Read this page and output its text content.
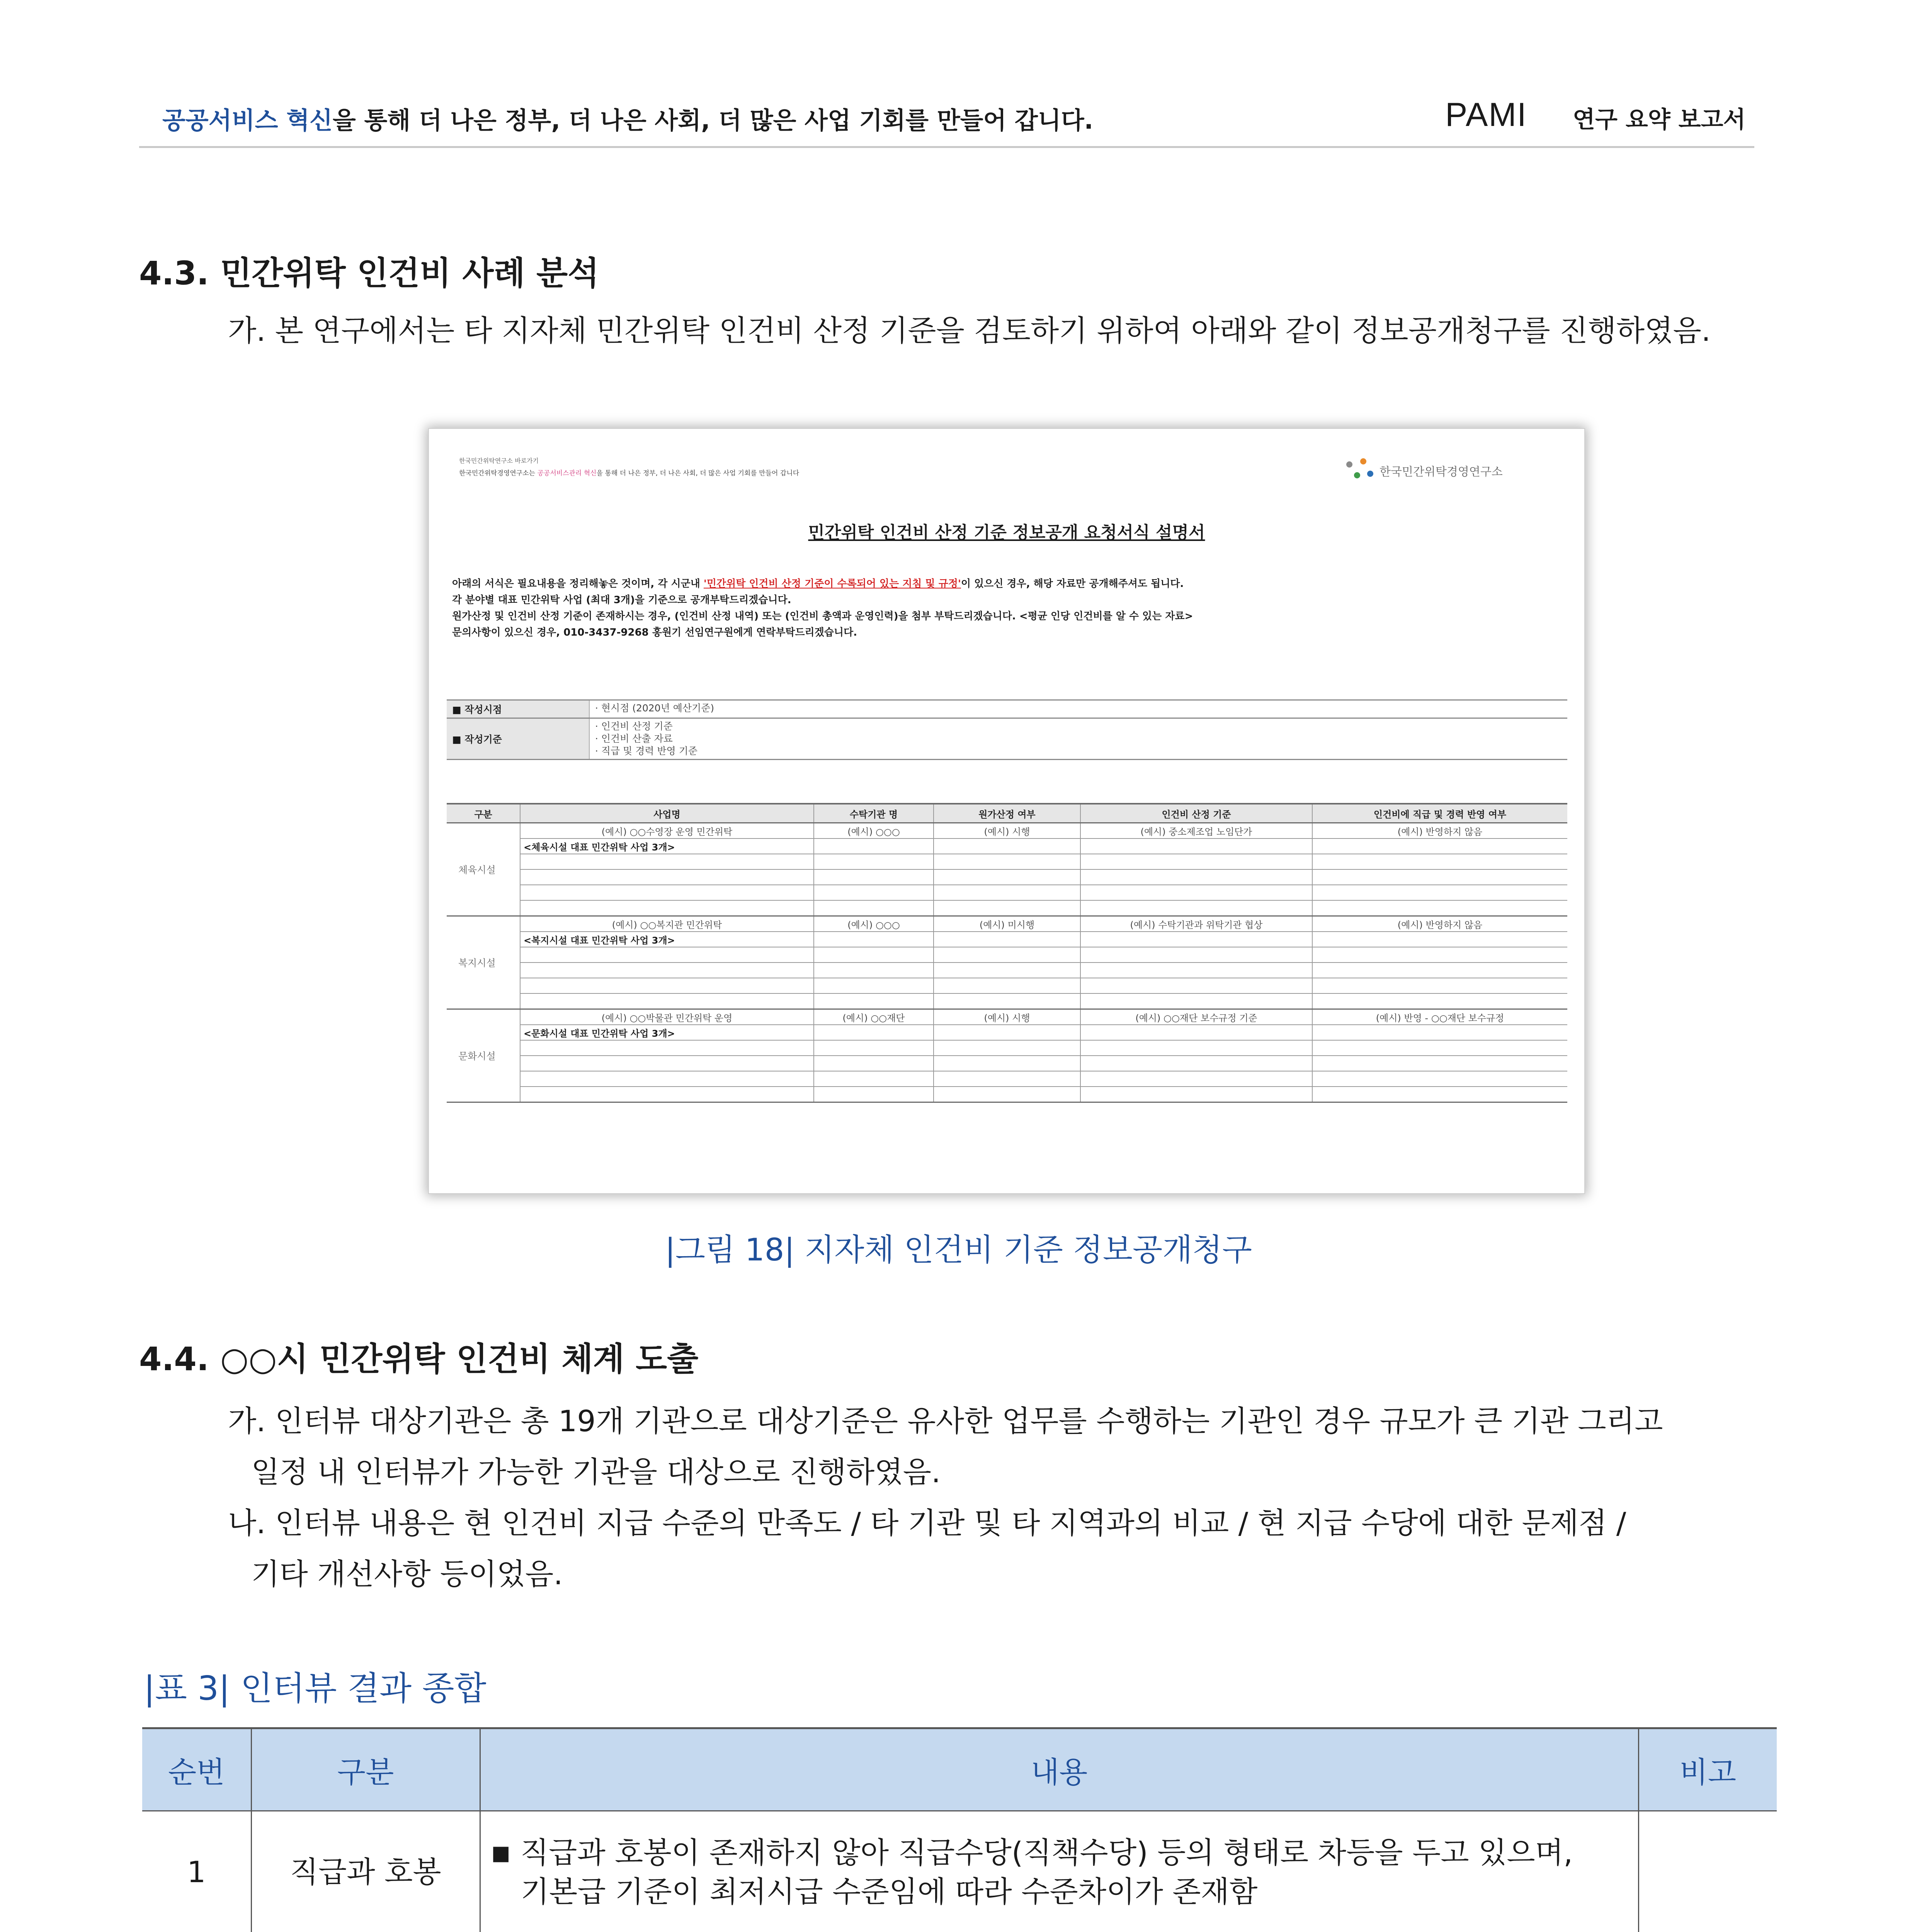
공공서비스 혁신을 통해 더 나은 정부, 더 나은 사회, 더 많은 사업 기회를 만들어 갑니다.	PAMI 연구 요약 보고서
4.3. 민간위탁 인건비 사례 분석
가. 본 연구에서는 타 지자체 민간위탁 인건비 산정 기준을 검토하기 위하여 아래와 같이 정보공개청구를 진행하였음.
한국민간위탁연구소 바로가기
한국민간위탁경영연구소는 공공서비스관리 혁신을 통해 더 나은 정부, 더 나은 사회, 더 많은 사업 기회를 만들어 갑니다	한국민간위탁경영연구소
민간위탁 인건비 산정 기준 정보공개 요청서식 설명서
아래의 서식은 필요내용을 정리해놓은 것이며, 각 시군내 '민간위탁 인건비 산정 기준이 수록되어 있는 지침 및 규정'이 있으신 경우, 해당 자료만 공개해주셔도 됩니다.
각 분야별 대표 민간위탁 사업 (최대 3개)을 기준으로 공개부탁드리겠습니다.
원가산정 및 인건비 산정 기준이 존재하시는 경우, (인건비 산정 내역) 또는 (인건비 총액과 운영인력)을 첨부 부탁드리겠습니다. <평균 인당 인건비를 알 수 있는 자료>
문의사항이 있으신 경우, 010-3437-9268 홍원기 선임연구원에게 연락부탁드리겠습니다.
■ 작성시점	· 현시점 (2020년 예산기준)

■ 작성기준	· 인건비 산정 기준
· 인건비 산출 자료
· 직급 및 경력 반영 기준
구분	사업명	수탁기관 명	원가산정 여부	인건비 산정 기준	인건비에 직급 및 경력 반영 여부
체육시설	(예시) ○○수영장 운영 민간위탁	(예시) ○○○	(예시) 시행	(예시) 중소제조업 노임단가	(예시) 반영하지 않음
	<체육시설 대표 민간위탁 사업 3개>				

복지시설	(예시) ○○복지관 민간위탁	(예시) ○○○	(예시) 미시행	(예시) 수탁기관과 위탁기관 협상	(예시) 반영하지 않음
	<복지시설 대표 민간위탁 사업 3개>				

문화시설	(예시) ○○박물관 민간위탁 운영	(예시) ○○재단	(예시) 시행	(예시) ○○재단 보수규정 기준	(예시) 반영 - ○○재단 보수규정
	<문화시설 대표 민간위탁 사업 3개>				

|그림 18| 지자체 인건비 기준 정보공개청구
4.4. ○○시 민간위탁 인건비 체계 도출
가. 인터뷰 대상기관은 총 19개 기관으로 대상기준은 유사한 업무를 수행하는 기관인 경우 규모가 큰 기관 그리고
일정 내 인터뷰가 가능한 기관을 대상으로 진행하였음.
나. 인터뷰 내용은 현 인건비 지급 수준의 만족도 / 타 기관 및 타 지역과의 비교 / 현 지급 수당에 대한 문제점 /
기타 개선사항 등이었음.
|표 3| 인터뷰 결과 종합
순번	구분	내용	비고
1	직급과 호봉	■ 직급과 호봉이 존재하지 않아 직급수당(직책수당) 등의 형태로 차등을 두고 있으며,
기본급 기준이 최저시급 수준임에 따라 수준차이가 존재함	
